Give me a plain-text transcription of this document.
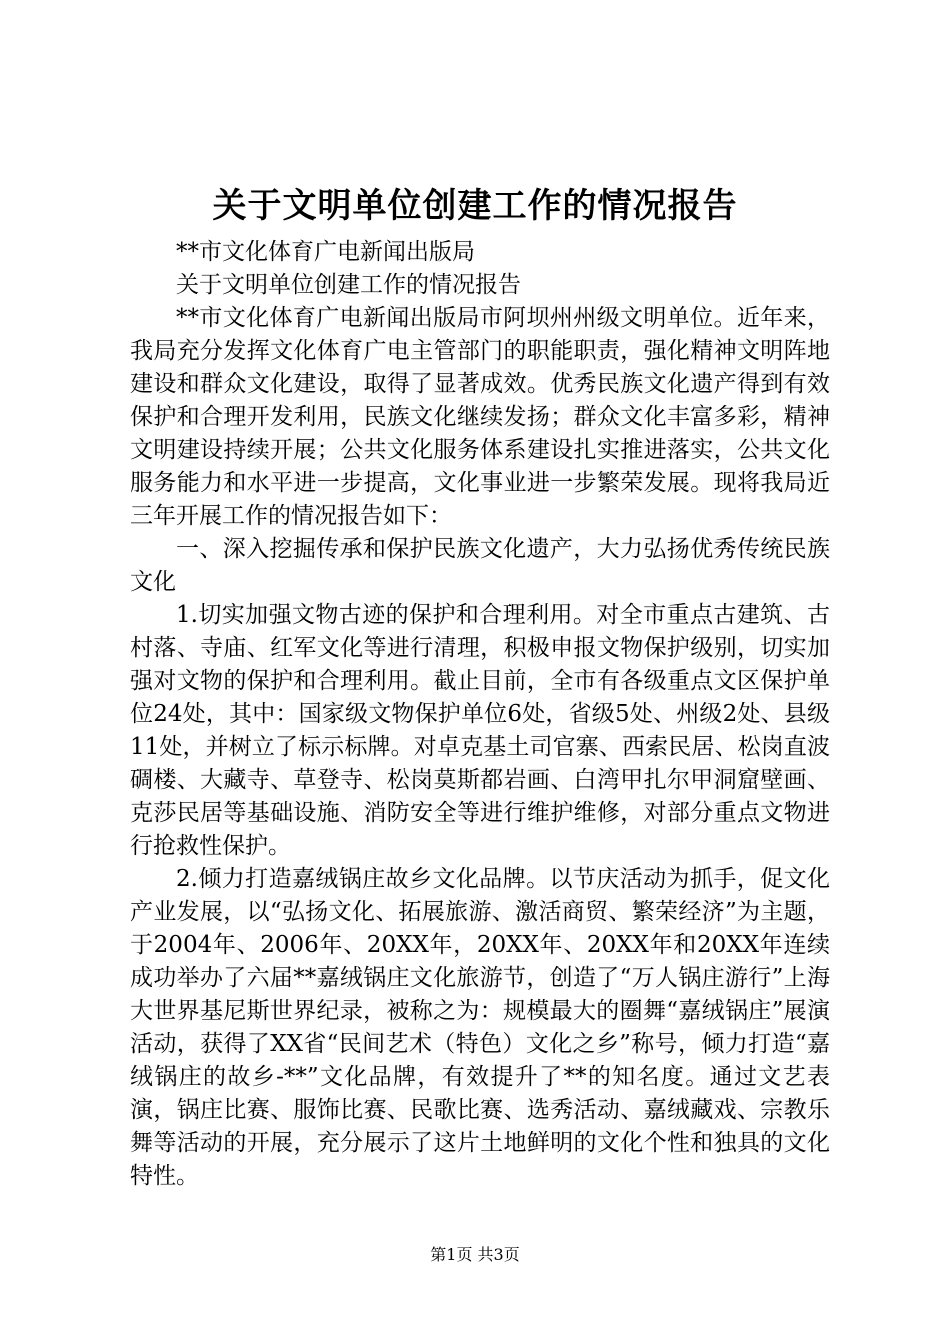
关于文明单位创建工作的情况报告

**市文化体育广电新闻出版局

关于文明单位创建工作的情况报告

**市文化体育广电新闻出版局市阿坝州州级文明单位。近年来，我局充分发挥文化体育广电主管部门的职能职责，强化精神文明阵地建设和群众文化建设，取得了显著成效。优秀民族文化遗产得到有效保护和合理开发利用，民族文化继续发扬；群众文化丰富多彩，精神文明建设持续开展；公共文化服务体系建设扎实推进落实，公共文化服务能力和水平进一步提高，文化事业进一步繁荣发展。现将我局近三年开展工作的情况报告如下：

一、深入挖掘传承和保护民族文化遗产，大力弘扬优秀传统民族文化

1.切实加强文物古迹的保护和合理利用。对全市重点古建筑、古村落、寺庙、红军文化等进行清理，积极申报文物保护级别，切实加强对文物的保护和合理利用。截止目前，全市有各级重点文区保护单位24处，其中：国家级文物保护单位6处，省级5处、州级2处、县级11处，并树立了标示标牌。对卓克基土司官寨、西索民居、松岗直波碉楼、大藏寺、草登寺、松岗莫斯都岩画、白湾甲扎尔甲洞窟壁画、克莎民居等基础设施、消防安全等进行维护维修，对部分重点文物进行抢救性保护。

2.倾力打造嘉绒锅庄故乡文化品牌。以节庆活动为抓手，促文化产业发展，以“弘扬文化、拓展旅游、激活商贸、繁荣经济”为主题，于2004年、2006年、20XX年，20XX年、20XX年和20XX年连续成功举办了六届**嘉绒锅庄文化旅游节，创造了“万人锅庄游行”上海大世界基尼斯世界纪录，被称之为：规模最大的圈舞“嘉绒锅庄”展演活动，获得了XX省“民间艺术（特色）文化之乡”称号，倾力打造“嘉绒锅庄的故乡-**”文化品牌，有效提升了**的知名度。通过文艺表演，锅庄比赛、服饰比赛、民歌比赛、选秀活动、嘉绒藏戏、宗教乐舞等活动的开展，充分展示了这片土地鲜明的文化个性和独具的文化特性。

第1页 共3页
